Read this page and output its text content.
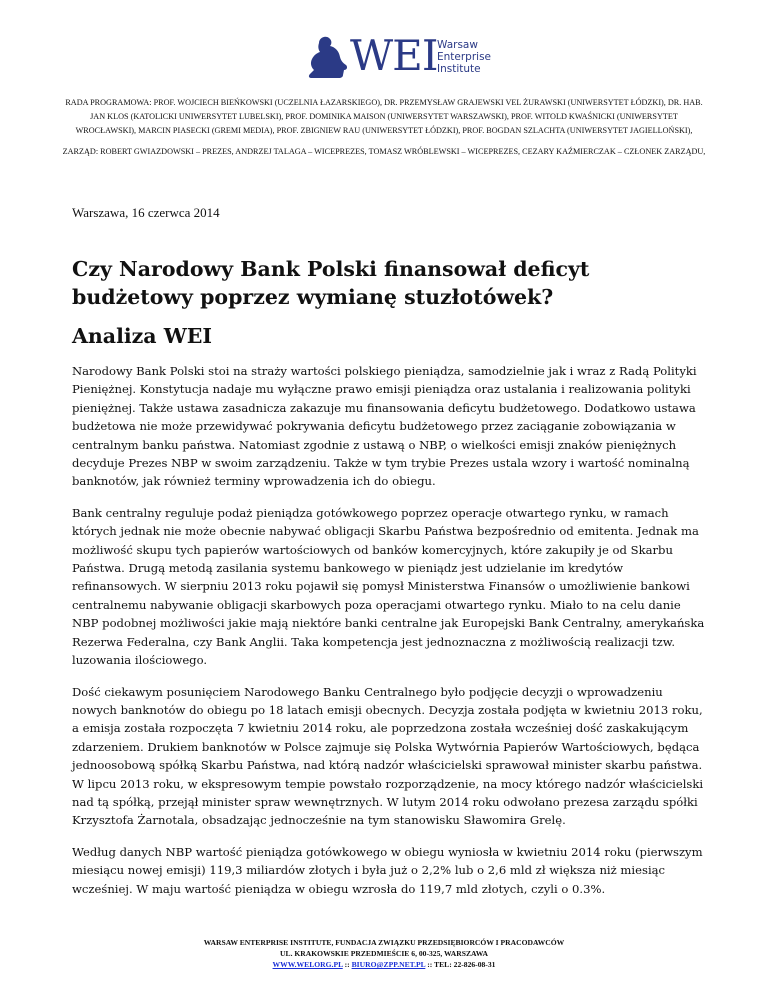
WEI Warsaw
Enterprise
Institute
RADA PROGRAMOWA: PROF. WOJCIECH BIEŃKOWSKI (UCZELNIA ŁAZARSKIEGO), DR. PRZEMYSŁAW GRAJEWSKI VEL ŻURAWSKI (UNIWERSYTET ŁÓDZKI), DR. HAB. JAN KLOS (KATOLICKI UNIWERSYTET LUBELSKI), PROF. DOMINIKA MAISON (UNIWERSYTET WARSZAWSKI), PROF. WITOLD KWAŚNICKI (UNIWERSYTET WROCŁAWSKI), MARCIN PIASECKI (GREMI MEDIA), PROF. ZBIGNIEW RAU (UNIWERSYTET ŁÓDZKI), PROF. BOGDAN SZLACHTA (UNIWERSYTET JAGIELLOŃSKI),
ZARZĄD: ROBERT GWIAZDOWSKI – PREZES, ANDRZEJ TALAGA – WICEPREZES, TOMASZ WRÓBLEWSKI – WICEPREZES, CEZARY KAŹMIERCZAK – CZŁONEK ZARZĄDU,
Warszawa, 16 czerwca 2014
Czy Narodowy Bank Polski finansował deficyt budżetowy poprzez wymianę stuzłotówek?
Analiza WEI

Narodowy Bank Polski stoi na straży wartości polskiego pieniądza, samodzielnie jak i wraz z Radą Polityki Pieniężnej. Konstytucja nadaje mu wyłączne prawo emisji pieniądza oraz ustalania i realizowania polityki pieniężnej. Także ustawa zasadnicza zakazuje mu finansowania deficytu budżetowego. Dodatkowo ustawa budżetowa nie może przewidywać pokrywania deficytu budżetowego przez zaciąganie zobowiązania w centralnym banku państwa. Natomiast zgodnie z ustawą o NBP, o wielkości emisji znaków pieniężnych decyduje Prezes NBP w swoim zarządzeniu. Także w tym trybie Prezes ustala wzory i wartość nominalną banknotów, jak również terminy wprowadzenia ich do obiegu.

Bank centralny reguluje podaż pieniądza gotówkowego poprzez operacje otwartego rynku, w ramach których jednak nie może obecnie nabywać obligacji Skarbu Państwa bezpośrednio od emitenta. Jednak ma możliwość skupu tych papierów wartościowych od banków komercyjnych, które zakupiły je od Skarbu Państwa. Drugą metodą zasilania systemu bankowego w pieniądz jest udzielanie im kredytów refinansowych. W sierpniu 2013 roku pojawił się pomysł Ministerstwa Finansów o umożliwienie bankowi centralnemu nabywanie obligacji skarbowych poza operacjami otwartego rynku. Miało to na celu danie NBP podobnej możliwości jakie mają niektóre banki centralne jak Europejski Bank Centralny, amerykańska Rezerwa Federalna, czy Bank Anglii. Taka kompetencja jest jednoznaczna z możliwością realizacji tzw. luzowania ilościowego.

Dość ciekawym posunięciem Narodowego Banku Centralnego było podjęcie decyzji o wprowadzeniu nowych banknotów do obiegu po 18 latach emisji obecnych. Decyzja została podjęta w kwietniu 2013 roku, a emisja została rozpoczęta 7 kwietniu 2014 roku, ale poprzedzona została wcześniej dość zaskakującym zdarzeniem. Drukiem banknotów w Polsce zajmuje się Polska Wytwórnia Papierów Wartościowych, będąca jednoosobową spółką Skarbu Państwa, nad którą nadzór właścicielski sprawował minister skarbu państwa. W lipcu 2013 roku, w ekspresowym tempie powstało rozporządzenie, na mocy którego nadzór właścicielski nad tą spółką, przejął minister spraw wewnętrznych. W lutym 2014 roku odwołano prezesa zarządu spółki Krzysztofa Żarnotala, obsadzając jednocześnie na tym stanowisku Sławomira Grelę.

Według danych NBP wartość pieniądza gotówkowego w obiegu wyniosła w kwietniu 2014 roku (pierwszym miesiącu nowej emisji) 119,3 miliardów złotych i była już o 2,2% lub o 2,6 mld zł większa niż miesiąc wcześniej. W maju wartość pieniądza w obiegu wzrosła do 119,7 mld złotych, czyli o 0.3%.

WARSAW ENTERPRISE INSTITUTE, FUNDACJA ZWIĄZKU PRZEDSIĘBIORCÓW I PRACODAWCÓW
UL. KRAKOWSKIE PRZEDMIEŚCIE 6, 00-325, WARSZAWA
WWW.WELORG.PL :: BIURO@ZPP.NET.PL :: TEL: 22-826-08-31
